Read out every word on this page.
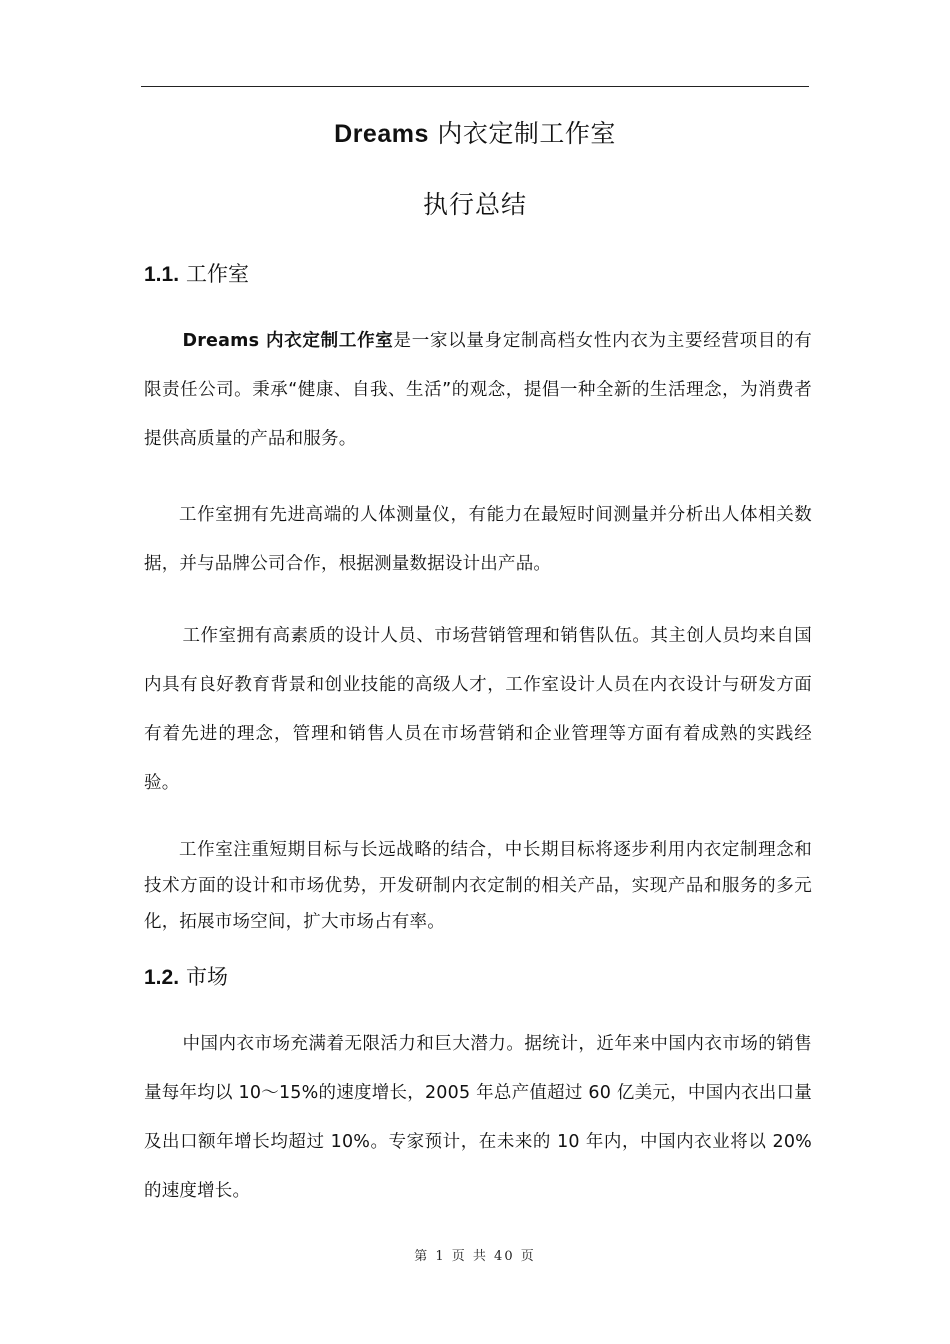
Dreams 内衣定制工作室
执行总结
1.1. 工作室

Dreams 内衣定制工作室是一家以量身定制高档女性内衣为主要经营项目的有限责任公司。秉承“健康、自我、生活”的观念，提倡一种全新的生活理念，为消费者提供高质量的产品和服务。

工作室拥有先进高端的人体测量仪，有能力在最短时间测量并分析出人体相关数据，并与品牌公司合作，根据测量数据设计出产品。

工作室拥有高素质的设计人员、市场营销管理和销售队伍。其主创人员均来自国内具有良好教育背景和创业技能的高级人才，工作室设计人员在内衣设计与研发方面有着先进的理念，管理和销售人员在市场营销和企业管理等方面有着成熟的实践经验。

工作室注重短期目标与长远战略的结合，中长期目标将逐步利用内衣定制理念和技术方面的设计和市场优势，开发研制内衣定制的相关产品，实现产品和服务的多元化，拓展市场空间，扩大市场占有率。

1.2. 市场

中国内衣市场充满着无限活力和巨大潜力。据统计，近年来中国内衣市场的销售量每年均以 10～15%的速度增长，2005 年总产值超过 60 亿美元，中国内衣出口量及出口额年增长均超过 10%。专家预计，在未来的 10 年内，中国内衣业将以 20%的速度增长。

第 1 页 共 40 页
